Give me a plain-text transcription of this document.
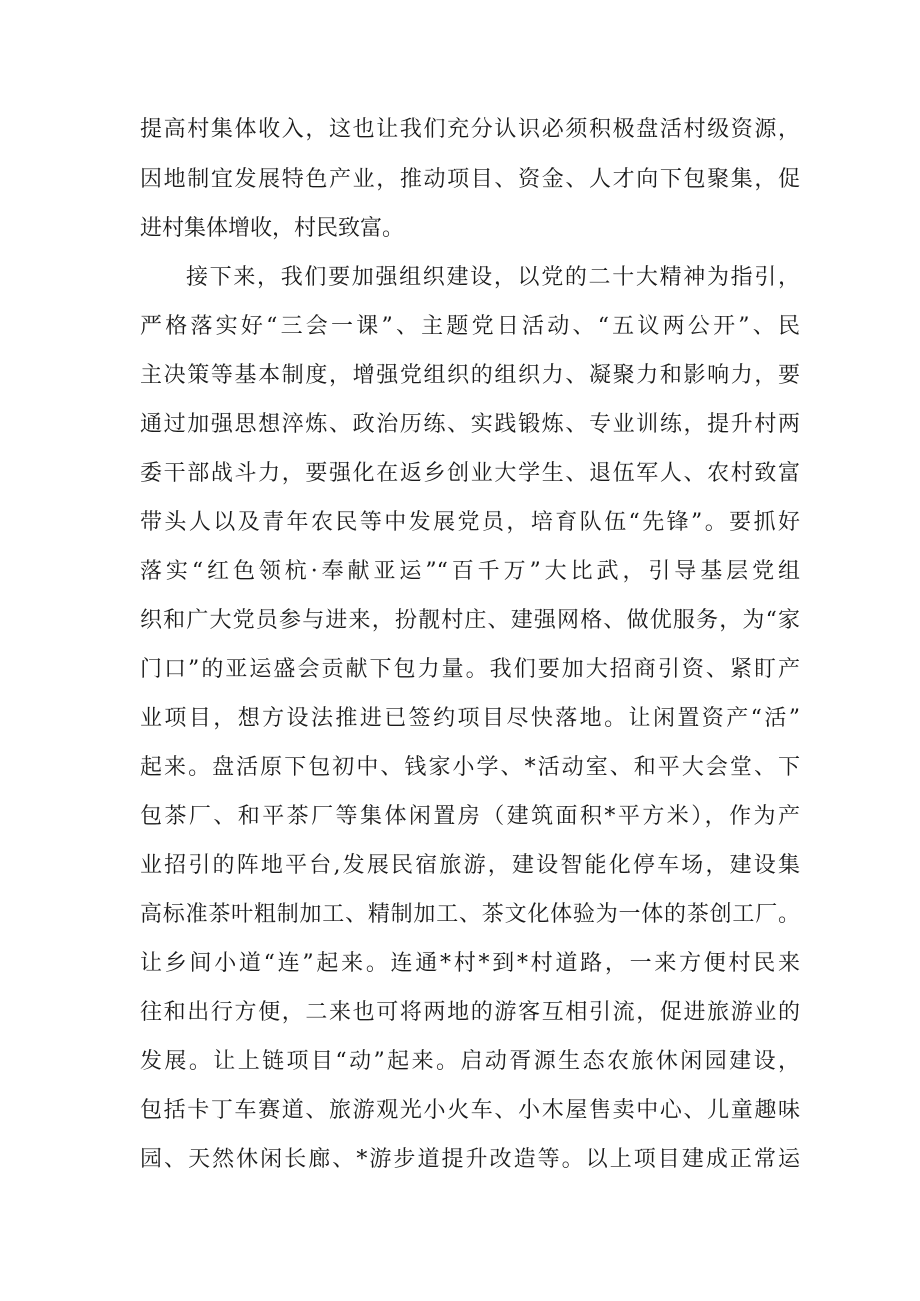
提高村集体收入，这也让我们充分认识必须积极盘活村级资源，
因地制宜发展特色产业，推动项目、资金、人才向下包聚集，促
进村集体增收，村民致富。
接下来，我们要加强组织建设，以党的二十大精神为指引，
严格落实好“三会一课”、主题党日活动、“五议两公开”、民
主决策等基本制度，增强党组织的组织力、凝聚力和影响力，要
通过加强思想淬炼、政治历练、实践锻炼、专业训练，提升村两
委干部战斗力，要强化在返乡创业大学生、退伍军人、农村致富
带头人以及青年农民等中发展党员，培育队伍“先锋”。要抓好
落实“红色领杭·奉献亚运”“百千万”大比武，引导基层党组
织和广大党员参与进来，扮靓村庄、建强网格、做优服务，为“家
门口”的亚运盛会贡献下包力量。我们要加大招商引资、紧盯产
业项目，想方设法推进已签约项目尽快落地。让闲置资产“活”
起来。盘活原下包初中、钱家小学、*活动室、和平大会堂、下
包茶厂、和平茶厂等集体闲置房（建筑面积*平方米），作为产
业招引的阵地平台,发展民宿旅游，建设智能化停车场，建设集
高标准茶叶粗制加工、精制加工、茶文化体验为一体的茶创工厂。
让乡间小道“连”起来。连通*村*到*村道路，一来方便村民来
往和出行方便，二来也可将两地的游客互相引流，促进旅游业的
发展。让上链项目“动”起来。启动胥源生态农旅休闲园建设，
包括卡丁车赛道、旅游观光小火车、小木屋售卖中心、儿童趣味
园、天然休闲长廊、*游步道提升改造等。以上项目建成正常运
